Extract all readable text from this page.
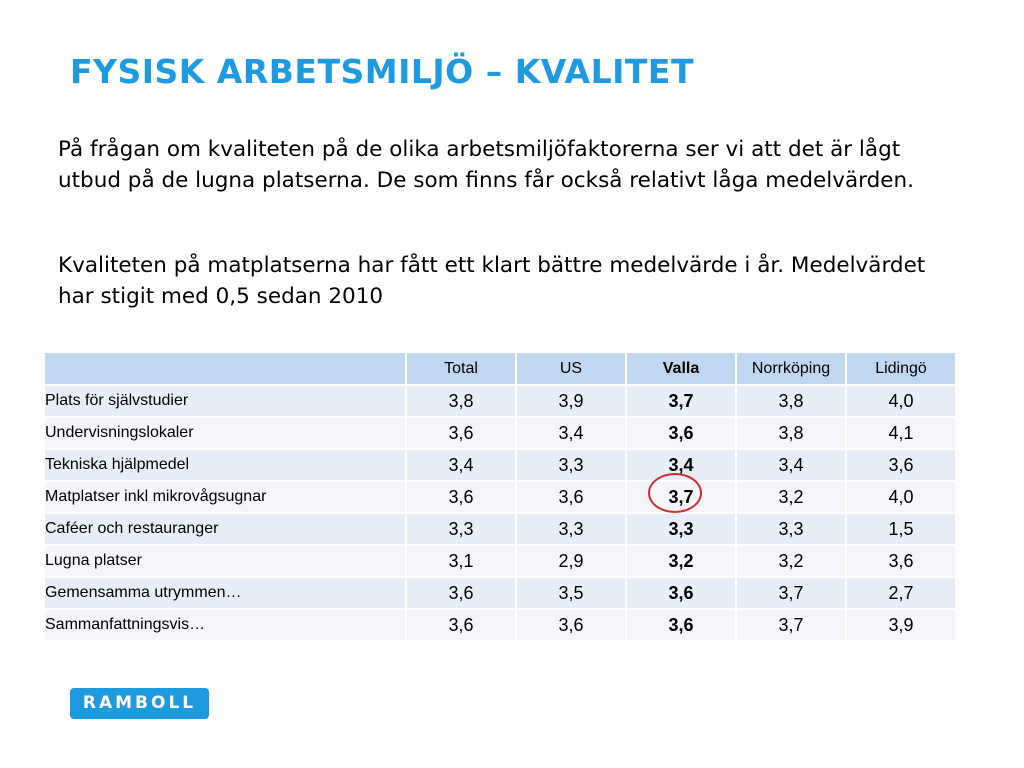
FYSISK ARBETSMILJÖ – KVALITET
På frågan om kvaliteten på de olika arbetsmiljöfaktorerna ser vi att det är lågt utbud på de lugna platserna. De som finns får också relativt låga medelvärden.
Kvaliteten på matplatserna har fått ett klart bättre medelvärde i år. Medelvärdet har stigit med 0,5 sedan 2010
	Total	US	Valla	Norrköping	Lidingö
Plats för självstudier	3,8	3,9	3,7	3,8	4,0
Undervisningslokaler	3,6	3,4	3,6	3,8	4,1
Tekniska hjälpmedel	3,4	3,3	3,4	3,4	3,6
Matplatser inkl mikrovågsugnar	3,6	3,6	3,7	3,2	4,0
Caféer och restauranger	3,3	3,3	3,3	3,3	1,5
Lugna platser	3,1	2,9	3,2	3,2	3,6
Gemensamma utrymmen…	3,6	3,5	3,6	3,7	2,7
Sammanfattningsvis…	3,6	3,6	3,6	3,7	3,9
RAMBOLL
